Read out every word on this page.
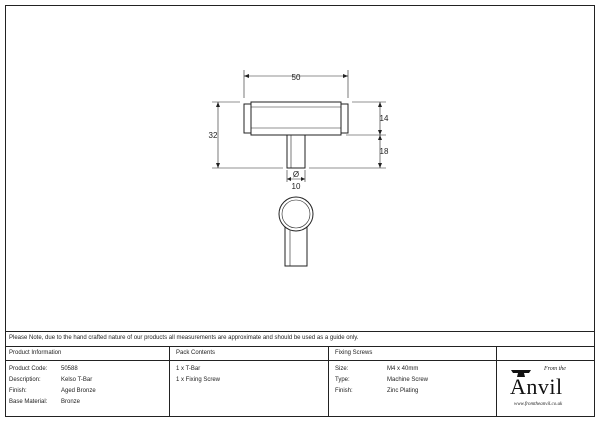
50
32
14
18
Ø
10
Please Note, due to the hand crafted nature of our products all measurements are approximate and should be used as a guide only.
Product Information	Pack Contents	Fixing Screws
Product Code: 50588
Description:	Kelso T-Bar
Finish:	Aged Bronze
Base Material: Bronze
1 x T-Bar
1 x Fixing Screw
Size:	M4 x 40mm
Type:	Machine Screw
Finish:	Zinc Plating
From the
Anvil
www.fromtheanvil.co.uk
